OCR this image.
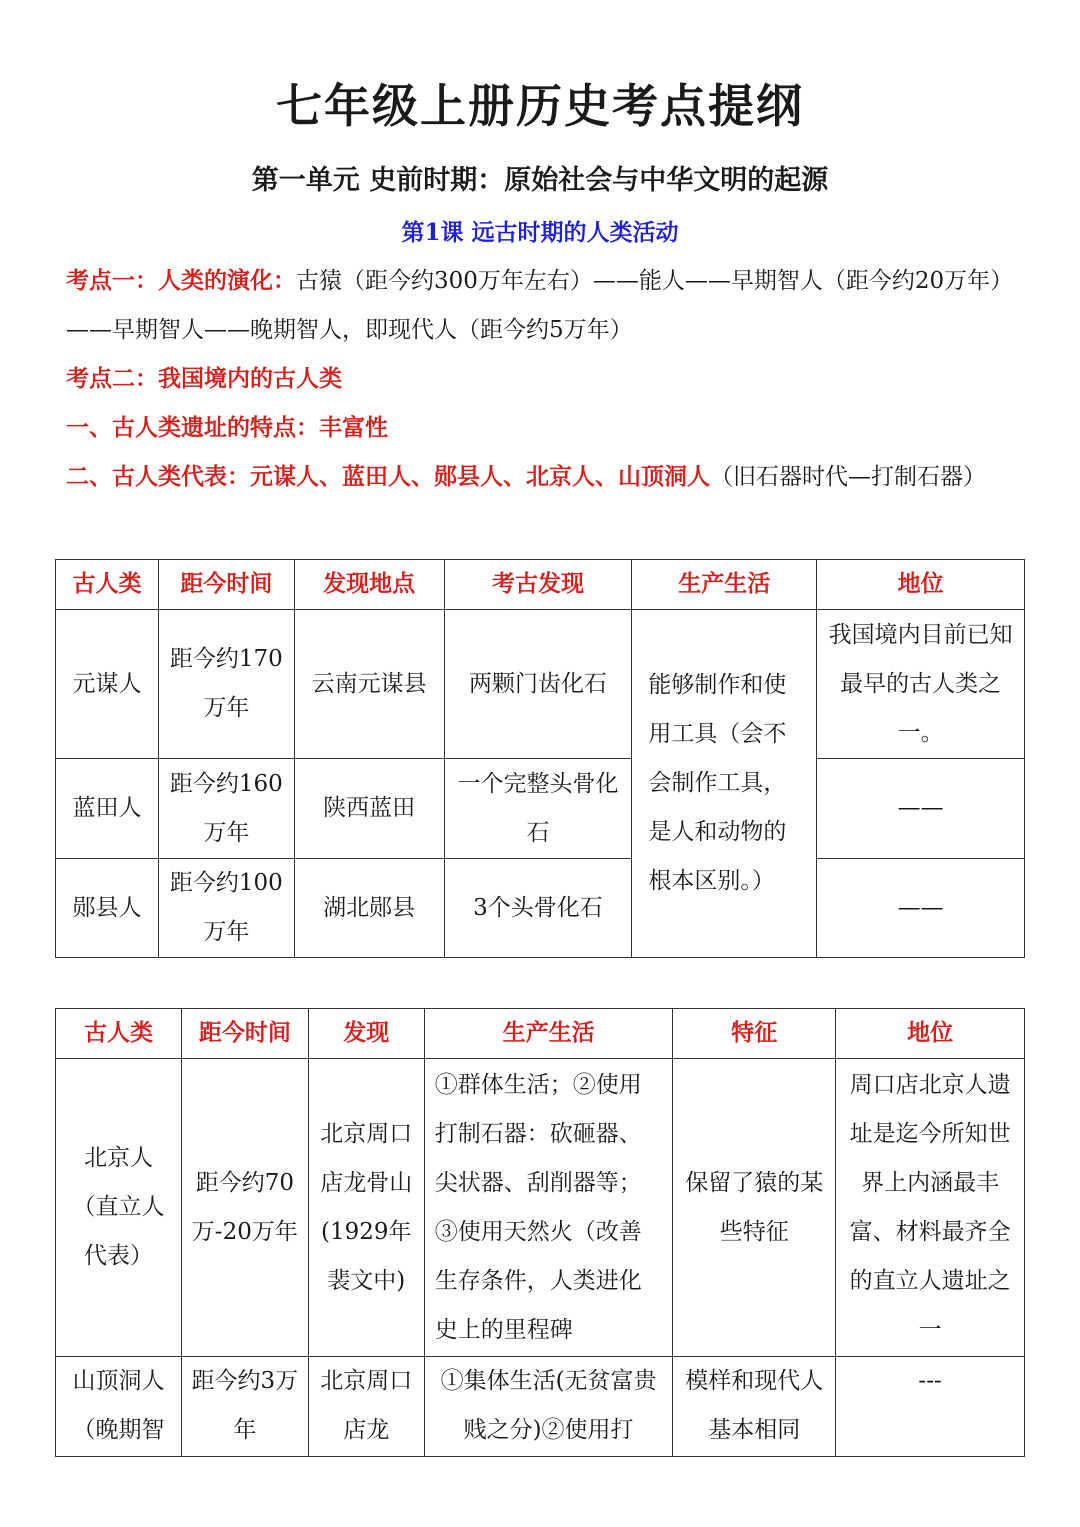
七年级上册历史考点提纲
第一单元 史前时期：原始社会与中华文明的起源
第1课 远古时期的人类活动
考点一：人类的演化：古猿（距今约300万年左右）——能人——早期智人（距今约20万年）——早期智人——晚期智人，即现代人（距今约5万年）
考点二：我国境内的古人类
一、古人类遗址的特点：丰富性
二、古人类代表：元谋人、蓝田人、郧县人、北京人、山顶洞人（旧石器时代—打制石器）
古人类	距今时间	发现地点	考古发现	生产生活	地位
元谋人	距今约170万年	云南元谋县	两颗门齿化石	能够制作和使用工具（会不会制作工具，是人和动物的根本区别。）	我国境内目前已知最早的古人类之一。
蓝田人	距今约160万年	陕西蓝田	一个完整头骨化石		——
郧县人	距今约100万年	湖北郧县	3个头骨化石		——
古人类	距今时间	发现	生产生活	特征	地位
北京人（直立人代表）	距今约70万-20万年	北京周口店龙骨山(1929年裴文中)	①群体生活；②使用打制石器：砍砸器、尖状器、刮削器等；③使用天然火（改善生存条件，人类进化史上的里程碑	保留了猿的某些特征	周口店北京人遗址是迄今所知世界上内涵最丰富、材料最齐全的直立人遗址之一
山顶洞人（晚期智	距今约3万年	北京周口店龙	①集体生活(无贫富贵贱之分)②使用打	模样和现代人基本相同	---
